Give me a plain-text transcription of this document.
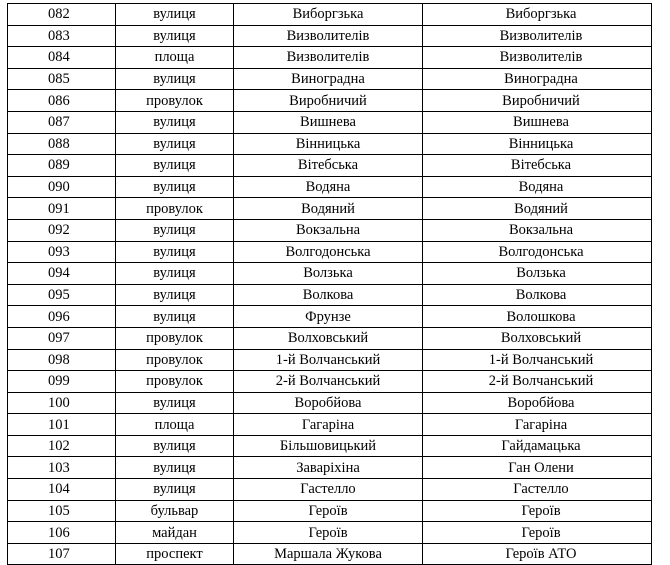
082	вулиця	Виборгзька	Виборгзька
083	вулиця	Визволителів	Визволителів
084	площа	Визволителів	Визволителів
085	вулиця	Виноградна	Виноградна
086	провулок	Виробничий	Виробничий
087	вулиця	Вишнева	Вишнева
088	вулиця	Вінницька	Вінницька
089	вулиця	Вітебська	Вітебська
090	вулиця	Водяна	Водяна
091	провулок	Водяний	Водяний
092	вулиця	Вокзальна	Вокзальна
093	вулиця	Волгодонська	Волгодонська
094	вулиця	Волзька	Волзька
095	вулиця	Волкова	Волкова
096	вулиця	Фрунзе	Волошкова
097	провулок	Волховський	Волховський
098	провулок	1-й Волчанський	1-й Волчанський
099	провулок	2-й Волчанський	2-й Волчанський
100	вулиця	Воробйова	Воробйова
101	площа	Гагаріна	Гагаріна
102	вулиця	Більшовицький	Гайдамацька
103	вулиця	Заваріхіна	Ган Олени
104	вулиця	Гастелло	Гастелло
105	бульвар	Героїв	Героїв
106	майдан	Героїв	Героїв
107	проспект	Маршала Жукова	Героїв АТО
